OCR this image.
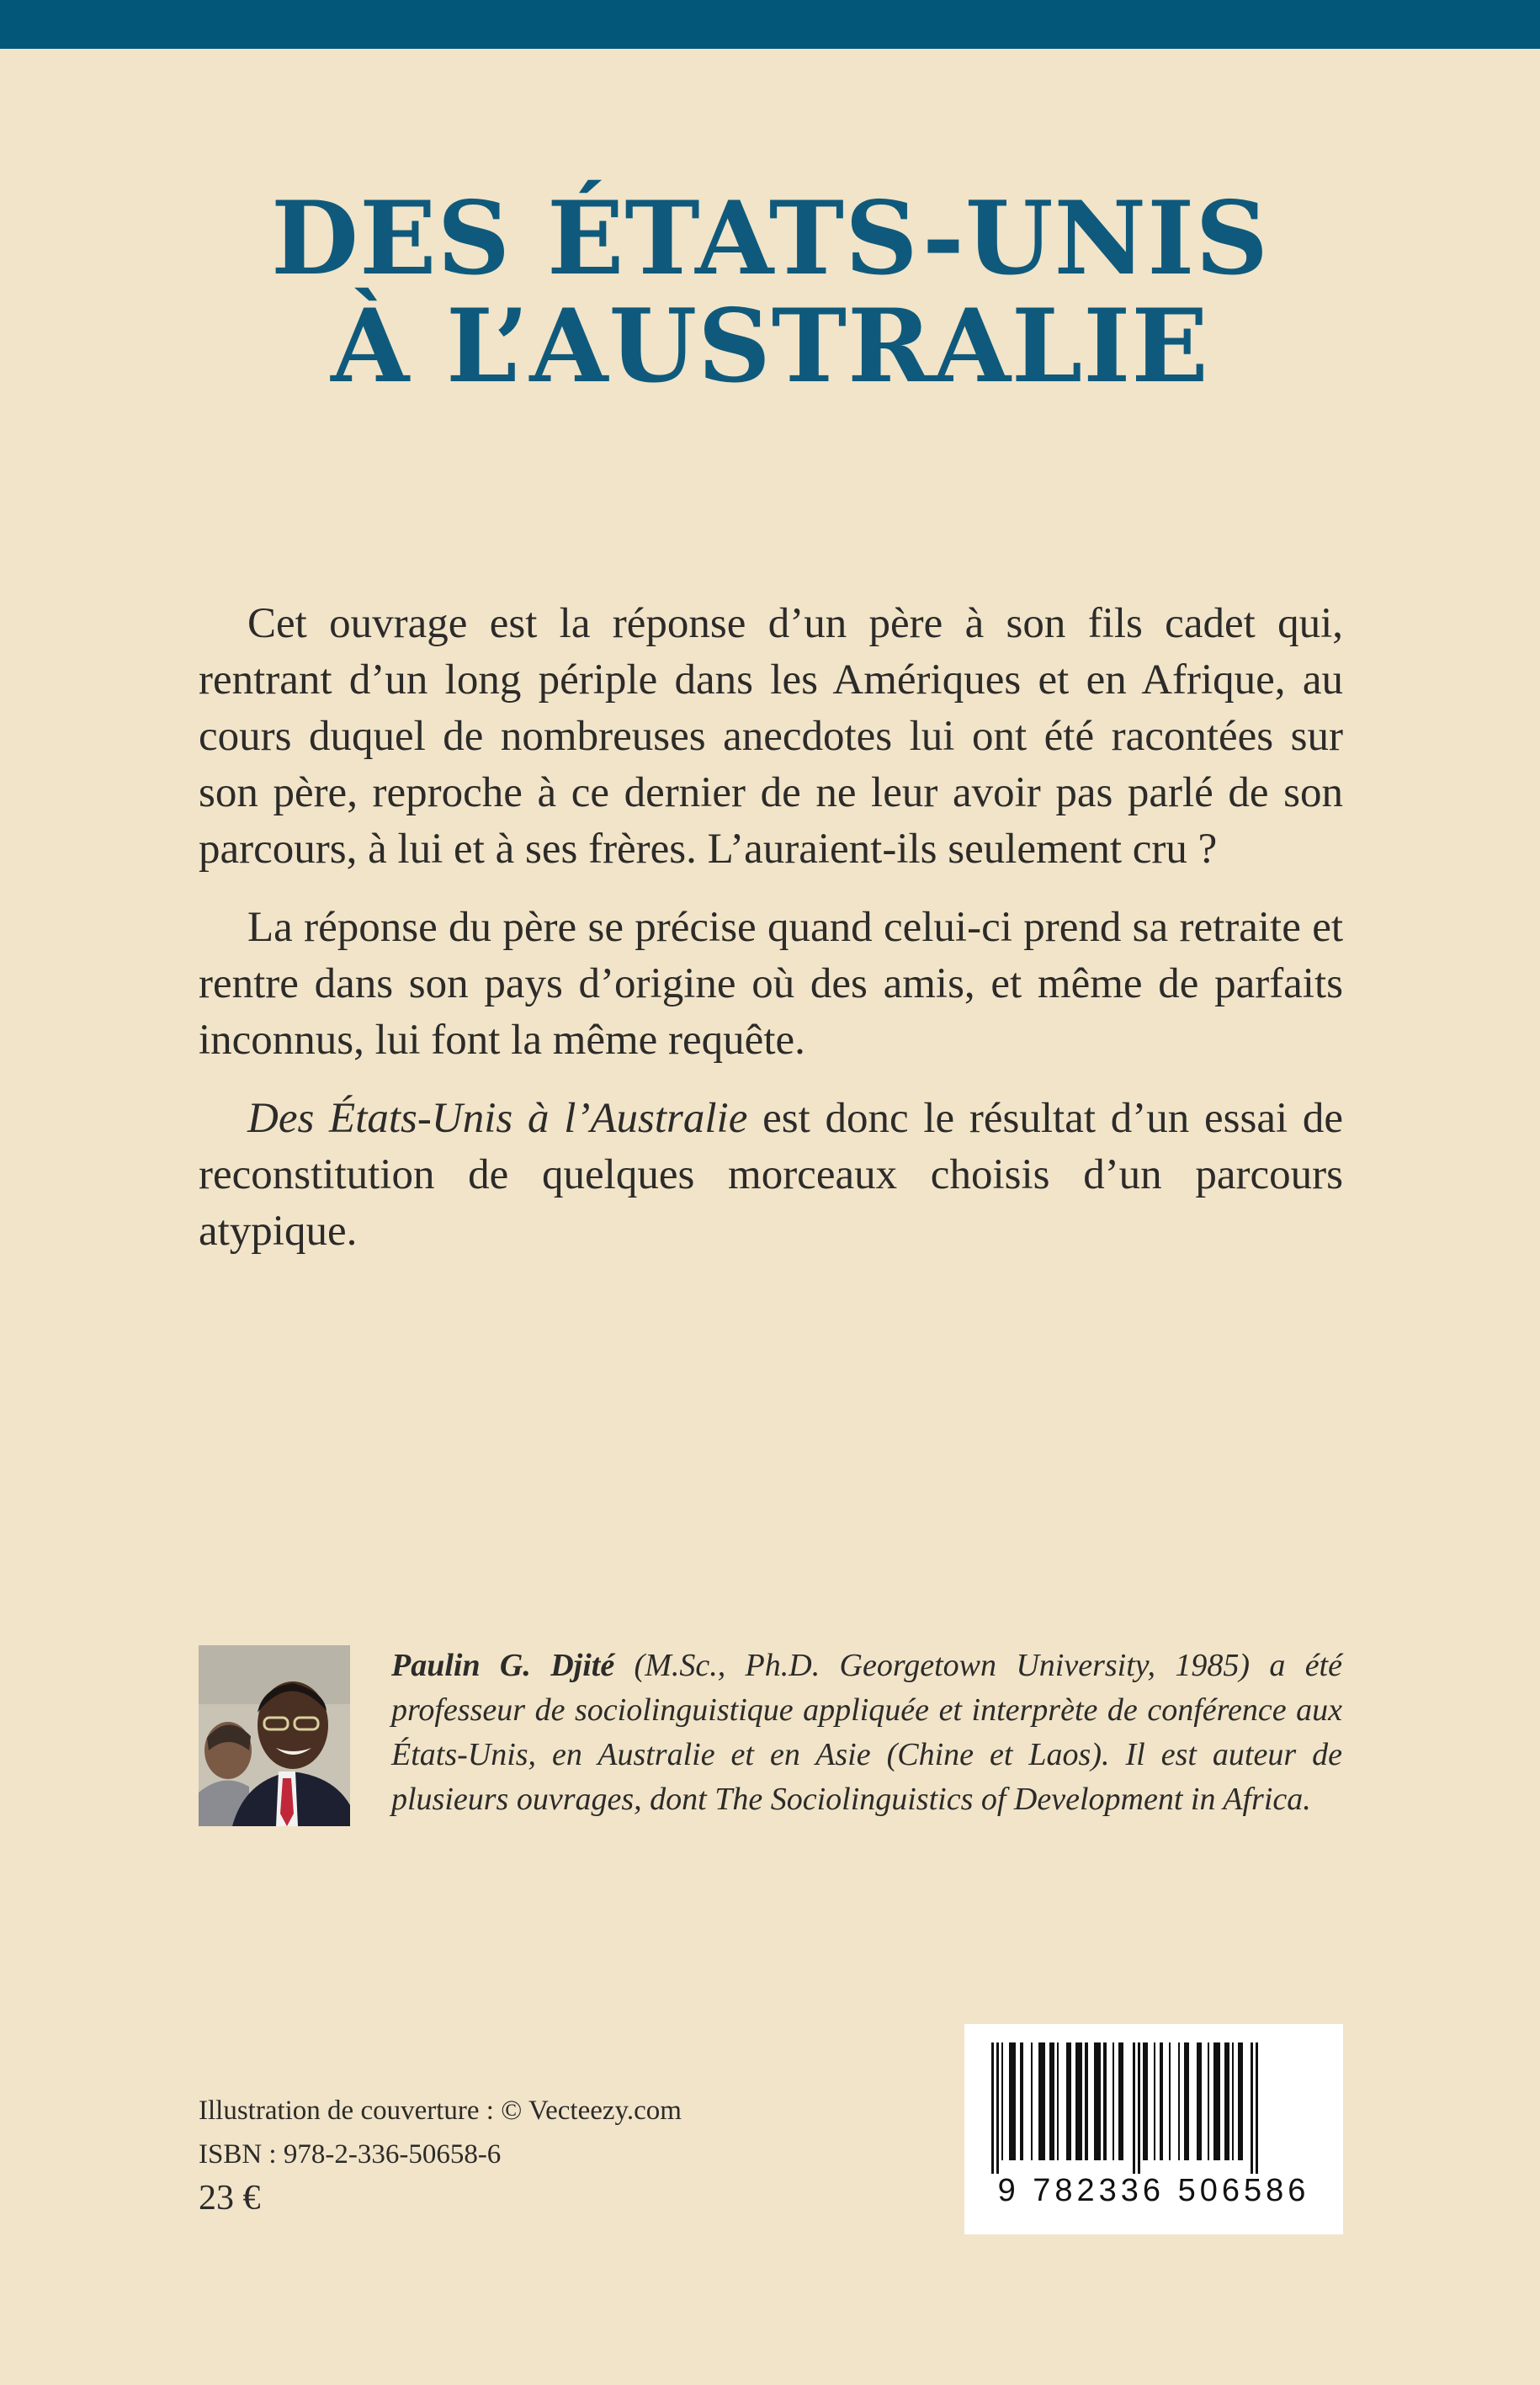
DES ÉTATS-UNIS
À L’AUSTRALIE

Cet ouvrage est la réponse d’un père à son fils cadet qui, rentrant d’un long périple dans les Amériques et en Afrique, au cours duquel de nombreuses anecdotes lui ont été racontées sur son père, reproche à ce dernier de ne leur avoir pas parlé de son parcours, à lui et à ses frères. L’auraient-ils seulement cru ?

La réponse du père se précise quand celui-ci prend sa retraite et rentre dans son pays d’origine où des amis, et même de parfaits inconnus, lui font la même requête.

Des États-Unis à l’Australie est donc le résultat d’un essai de reconstitution de quelques morceaux choisis d’un parcours atypique.

Paulin G. Djité (M.Sc., Ph.D. Georgetown University, 1985) a été professeur de sociolinguistique appliquée et interprète de conférence aux États-Unis, en Australie et en Asie (Chine et Laos). Il est auteur de plusieurs ouvrages, dont The Sociolinguistics of Development in Africa.
Illustration de couverture : © Vecteezy.com
ISBN : 978-2-336-50658-6
23 €	9 782336 506586
